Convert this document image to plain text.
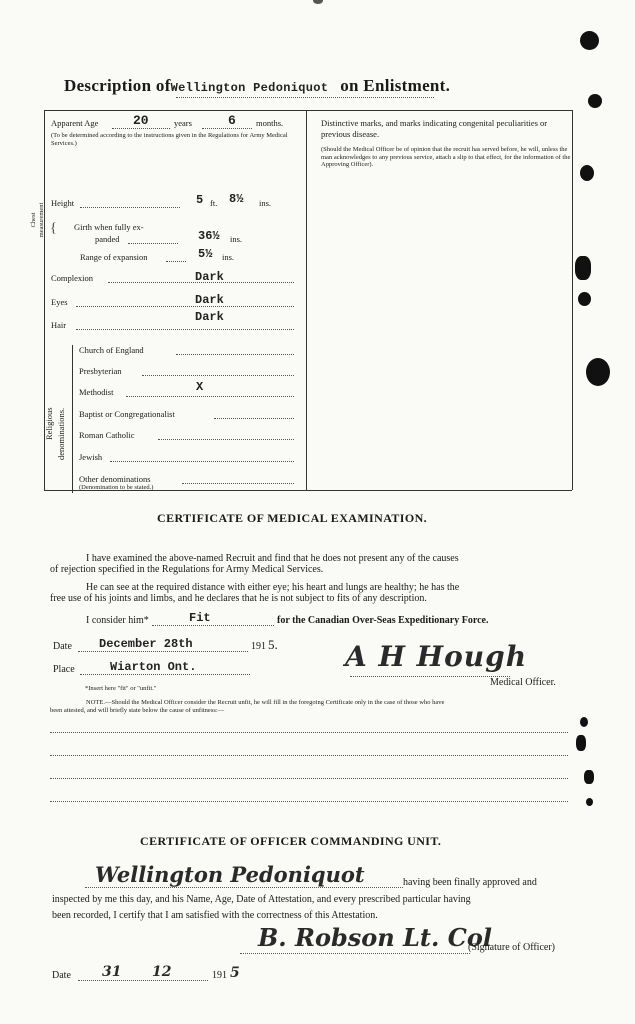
Description ofWellington Pedoniquot on Enlistment.
Apparent Age	20	years	6 months.
(To be determined according to the instructions given in the Regulations for Army Medical Services.)
Distinctive marks, and marks indicating congenital peculiarities or previous disease.
(Should the Medical Officer be of opinion that the recruit has served before, he will, unless the man acknowledges to any previous service, attach a slip to that effect, for the information of the Approving Officer).
Height	5 ft. 8½ ins.
Chest measurement { Girth when fully ex-
panded	36½ ins.
Range of expansion	5½ ins.
Complexion	Dark
Eyes	Dark
Hair
Dark
Religious denominations.
Church of England
Presbyterian
Methodist	X
Baptist or Congregationalist
Roman Catholic
Jewish
Other denominations
(Denomination to be stated.)
CERTIFICATE OF MEDICAL EXAMINATION.
I have examined the above-named Recruit and find that he does not present any of the causes
of rejection specified in the Regulations for Army Medical Services.
He can see at the required distance with either eye; his heart and lungs are healthy; he has the
free use of his joints and limbs, and he declares that he is not subject to fits of any description.
I consider him*	Fit	for the Canadian Over-Seas Expeditionary Force.
Date December 28th	191 5.
Place	Wiarton Ont.	A H Hough
Medical Officer.
*Insert here "fit" or "unfit."
NOTE.—Should the Medical Officer consider the Recruit unfit, he will fill in the foregoing Certificate only in the case of those who have
been attested, and will briefly state below the cause of unfitness:—
CERTIFICATE OF OFFICER COMMANDING UNIT.
Wellington Pedoniquot	having been finally approved and
inspected by me this day, and his Name, Age, Date of Attestation, and every prescribed particular having
been recorded, I certify that I am satisfied with the correctness of this Attestation.
B. Robson Lt. Col
(Signature of Officer)
Date 31 12	191 5
